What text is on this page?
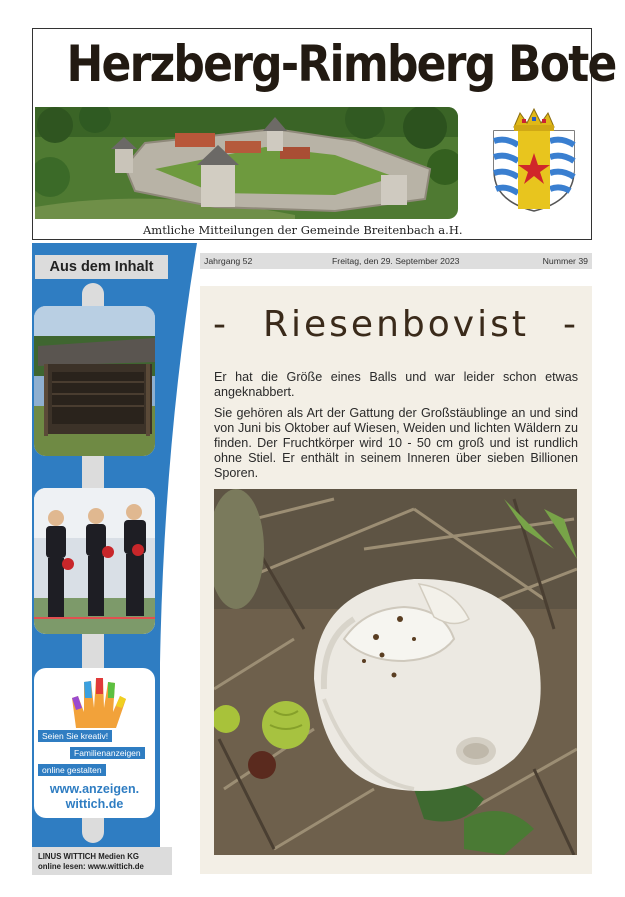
Herzberg-Rimberg Bote
Amtliche Mitteilungen der Gemeinde Breitenbach a.H.
Aus dem Inhalt
Seien Sie kreativ!
Familienanzeigen
online gestalten
www.anzeigen.
wittich.de
LINUS WITTICH Medien KG
online lesen: www.wittich.de
Jahrgang 52	Freitag, den 29. September 2023	Nummer 39
- Riesenbovist -

Er hat die Größe eines Balls und war leider schon etwas angeknabbert.

Sie gehören als Art der Gattung der Großstäublinge an und sind von Juni bis Oktober auf Wiesen, Weiden und lichten Wäldern zu finden. Der Fruchtkörper wird 10 - 50 cm groß und ist rundlich ohne Stiel. Er enthält in seinem Inneren über sieben Billionen Sporen.
